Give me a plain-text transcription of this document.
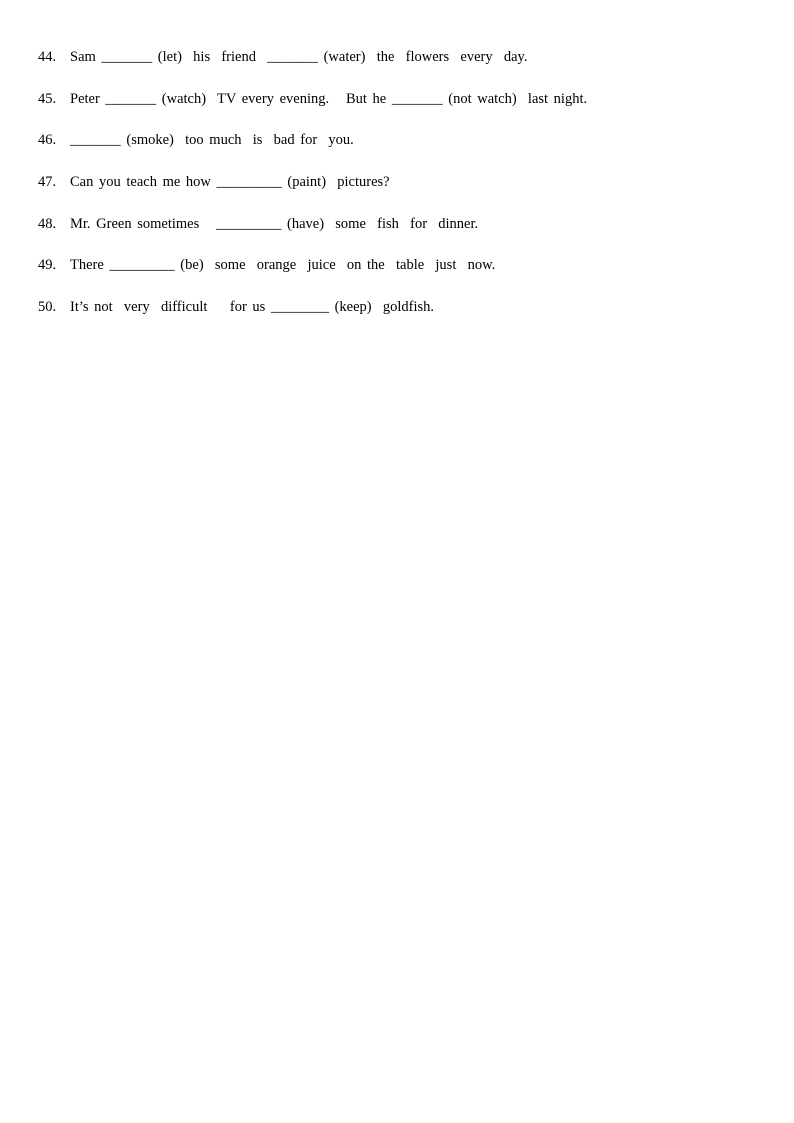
44. Sam _______ (let)  his  friend  _______ (water)  the  flowers  every  day.
45. Peter _______ (watch)  TV every evening.   But he _______ (not watch)  last night.
46. _______ (smoke)  too much  is  bad for  you.
47. Can you teach me how _________ (paint)  pictures?
48. Mr. Green sometimes   _________ (have)  some  fish  for  dinner.
49. There _________ (be)  some  orange  juice  on the  table  just  now.
50. It’s not  very  difficult    for us ________ (keep)  goldfish.
